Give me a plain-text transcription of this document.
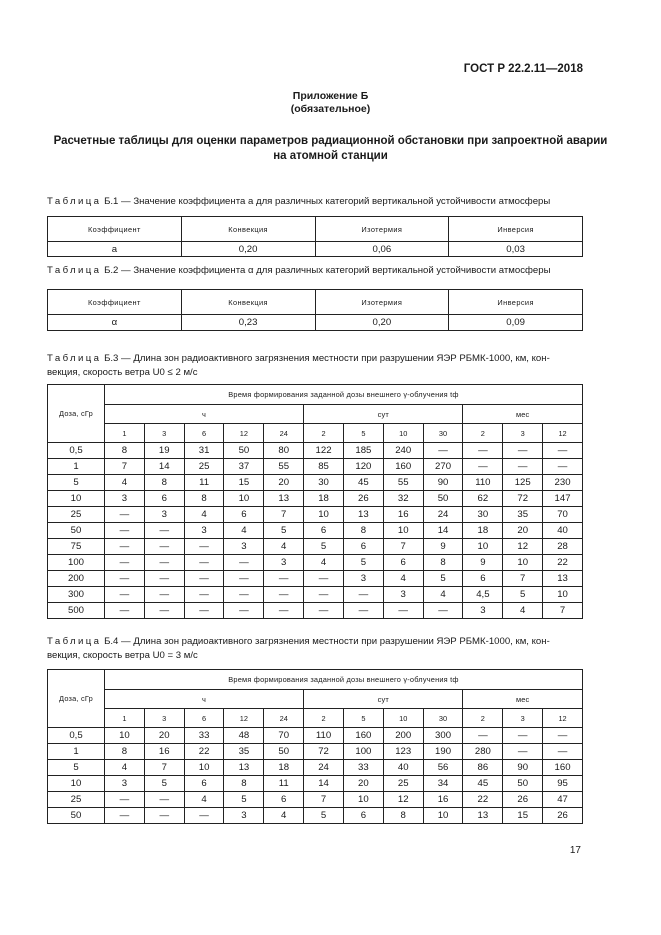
ГОСТ Р 22.2.11—2018
Приложение Б
(обязательное)
Расчетные таблицы для оценки параметров радиационной обстановки при запроектной аварии
на атомной станции
Таблица Б.1 — Значение коэффициента a для различных категорий вертикальной устойчивости атмосферы
Коэффициент	Конвекция	Изотермия	Инверсия
a	0,20	0,06	0,03
Таблица Б.2 — Значение коэффициента α для различных категорий вертикальной устойчивости атмосферы
Коэффициент	Конвекция	Изотермия	Инверсия
α	0,23	0,20	0,09
Таблица Б.3 — Длина зон радиоактивного загрязнения местности при разрушении ЯЭР РБМК-1000, км, кон-
векция, скорость ветра U0 ≤ 2 м/с
Доза, сГр	Время формирования заданной дозы внешнего γ-облучения tф											
	ч					сут				мес		
	1	3	6	12	24	2	5	10	30	2	3	12
0,5	8	19	31	50	80	122	185	240	—	—	—	—
1	7	14	25	37	55	85	120	160	270	—	—	—
5	4	8	11	15	20	30	45	55	90	110	125	230
10	3	6	8	10	13	18	26	32	50	62	72	147
25	—	3	4	6	7	10	13	16	24	30	35	70
50	—	—	3	4	5	6	8	10	14	18	20	40
75	—	—	—	3	4	5	6	7	9	10	12	28
100	—	—	—	—	3	4	5	6	8	9	10	22
200	—	—	—	—	—	—	3	4	5	6	7	13
300	—	—	—	—	—	—	—	3	4	4,5	5	10
500	—	—	—	—	—	—	—	—	—	3	4	7
Таблица Б.4 — Длина зон радиоактивного загрязнения местности при разрушении ЯЭР РБМК-1000, км, кон-
векция, скорость ветра U0 = 3 м/с
Доза, сГр	Время формирования заданной дозы внешнего γ-облучения tф											
	ч					сут				мес		
	1	3	6	12	24	2	5	10	30	2	3	12
0,5	10	20	33	48	70	110	160	200	300	—	—	—
1	8	16	22	35	50	72	100	123	190	280	—	—
5	4	7	10	13	18	24	33	40	56	86	90	160
10	3	5	6	8	11	14	20	25	34	45	50	95
25	—	—	4	5	6	7	10	12	16	22	26	47
50	—	—	—	3	4	5	6	8	10	13	15	26
17
